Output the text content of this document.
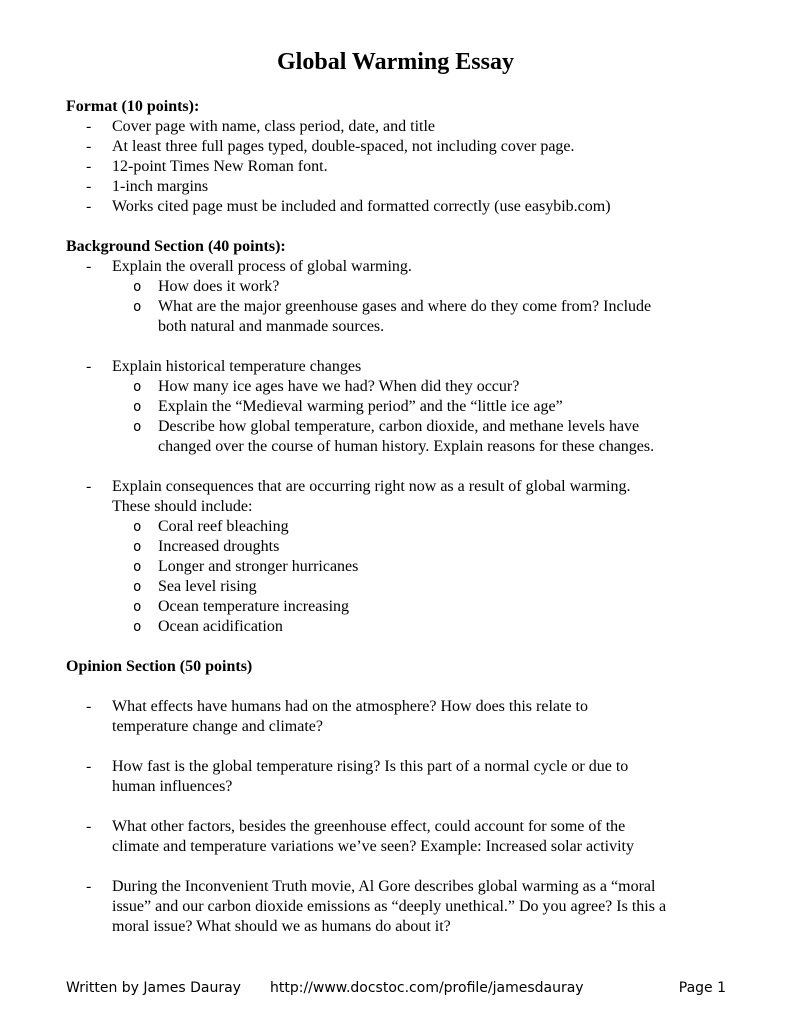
Global Warming Essay
Format (10 points):
- Cover page with name, class period, date, and title
- At least three full pages typed, double-spaced, not including cover page.
- 12-point Times New Roman font.
- 1-inch margins
- Works cited page must be included and formatted correctly (use easybib.com)
Background Section (40 points):
- Explain the overall process of global warming.
o How does it work?
o What are the major greenhouse gases and where do they come from? Include
both natural and manmade sources.
- Explain historical temperature changes
o How many ice ages have we had? When did they occur?
o Explain the “Medieval warming period” and the “little ice age”
o Describe how global temperature, carbon dioxide, and methane levels have
changed over the course of human history. Explain reasons for these changes.
- Explain consequences that are occurring right now as a result of global warming.
These should include:
o Coral reef bleaching
o Increased droughts
o Longer and stronger hurricanes
o Sea level rising
o Ocean temperature increasing
o Ocean acidification
Opinion Section (50 points)
- What effects have humans had on the atmosphere? How does this relate to
temperature change and climate?
- How fast is the global temperature rising? Is this part of a normal cycle or due to
human influences?
- What other factors, besides the greenhouse effect, could account for some of the
climate and temperature variations we’ve seen? Example: Increased solar activity
- During the Inconvenient Truth movie, Al Gore describes global warming as a “moral
issue” and our carbon dioxide emissions as “deeply unethical.” Do you agree? Is this a
moral issue? What should we as humans do about it?
Written by James Dauray http://www.docstoc.com/profile/jamesdauray	Page 1
